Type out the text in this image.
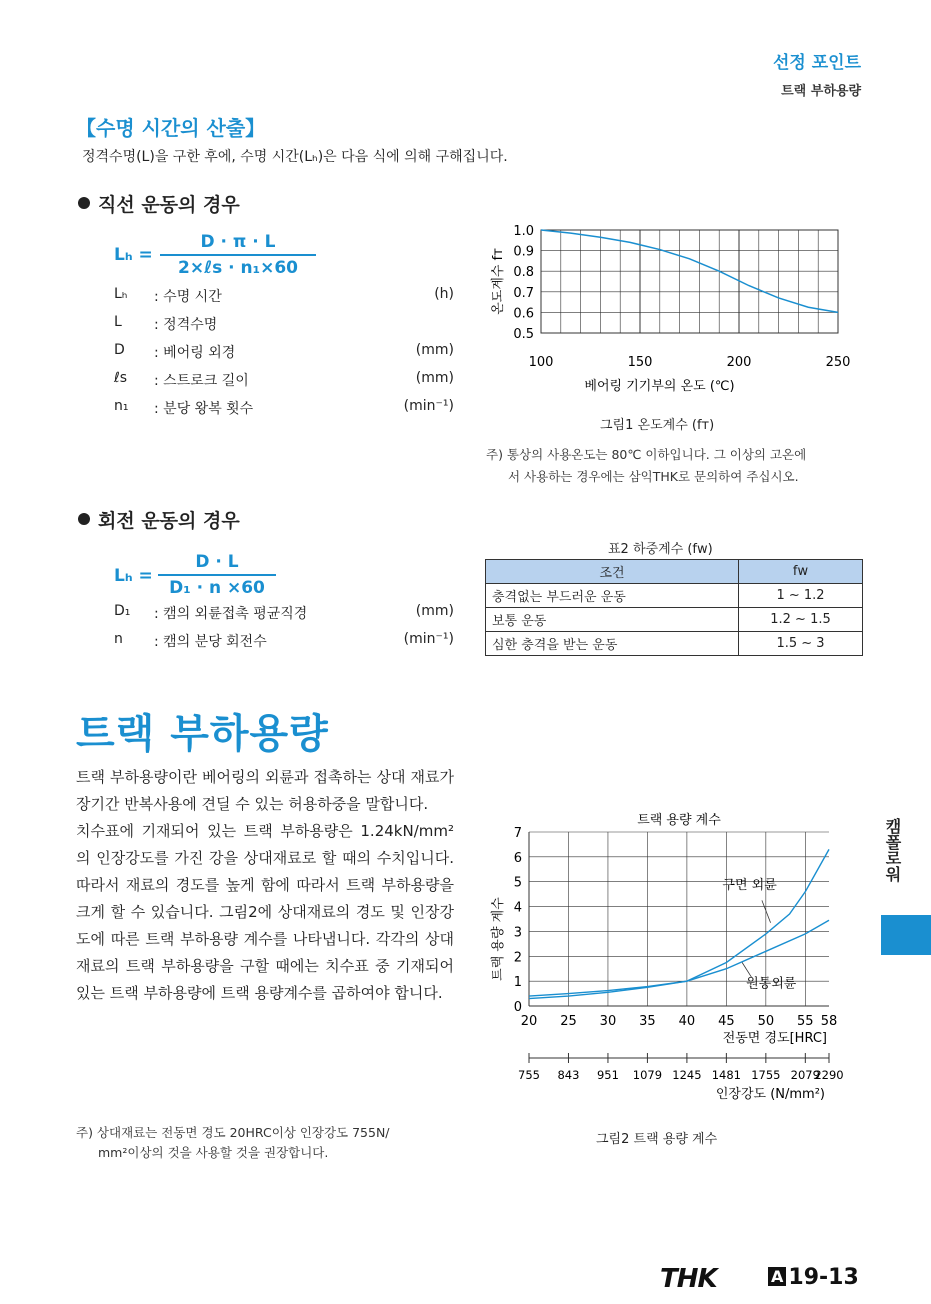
선정 포인트
트랙 부하용량
【수명 시간의 산출】
정격수명(L)을 구한 후에, 수명 시간(Lₕ)은 다음 식에 의해 구해집니다.
직선 운동의 경우
Lₕ =
D · π · L
2×ℓs · n₁×60
Lₕ : 수명 시간	(h)
L : 정격수명
D : 베어링 외경	(mm)
ℓs : 스트로크 길이	(mm)
n₁ : 분당 왕복 횟수	(min⁻¹)
회전 운동의 경우
Lₕ =
D · L
D₁ · n ×60
D₁ : 캠의 외륜접촉 평균직경	(mm)
n : 캠의 분당 회전수	(min⁻¹)
0.5
0.6
0.7
0.8
0.9
1.0
100	150	200	250
베어링 기기부의 온도 (℃)
온도계수 fᴛ
그림1 온도계수 (fᴛ)
주) 통상의 사용온도는 80℃ 이하입니다. 그 이상의 고온에
서 사용하는 경우에는 삼익THK로 문의하여 주십시오.
표2 하중계수 (fᴡ)
조건	fᴡ
충격없는 부드러운 운동	1 ~ 1.2
보통 운동	1.2 ~ 1.5
심한 충격을 받는 운동	1.5 ~ 3
트랙 부하용량

트랙 부하용량이란 베어링의 외륜과 접촉하는 상대 재료가 장기간 반복사용에 견딜 수 있는 허용하중을 말합니다.

치수표에 기재되어 있는 트랙 부하용량은 1.24kN/mm²의 인장강도를 가진 강을 상대재료로 할 때의 수치입니다. 따라서 재료의 경도를 높게 함에 따라서 트랙 부하용량을 크게 할 수 있습니다. 그림2에 상대재료의 경도 및 인장강도에 따른 트랙 부하용량 계수를 나타냅니다. 각각의 상대재료의 트랙 부하용량을 구할 때에는 치수표 중 기재되어 있는 트랙 부하용량에 트랙 용량계수를 곱하여야 합니다.

주) 상대재료는 전동면 경도 20HRC이상 인장강도 755N/
mm²이상의 것을 사용할 것을 권장합니다.
트랙 용량 계수
0
1
2
3
4
5
6
7
20 25 30 35 40 45 50 55 58
전동면 경도[HRC]
755 843 951 1079 1245 1481 1755 2079
2290
인장강도 (N/mm²)
트랙 용량 계수
구면 외륜
원통외륜
그림2 트랙 용량 계수
캠폴로워
THK	A 19-13
